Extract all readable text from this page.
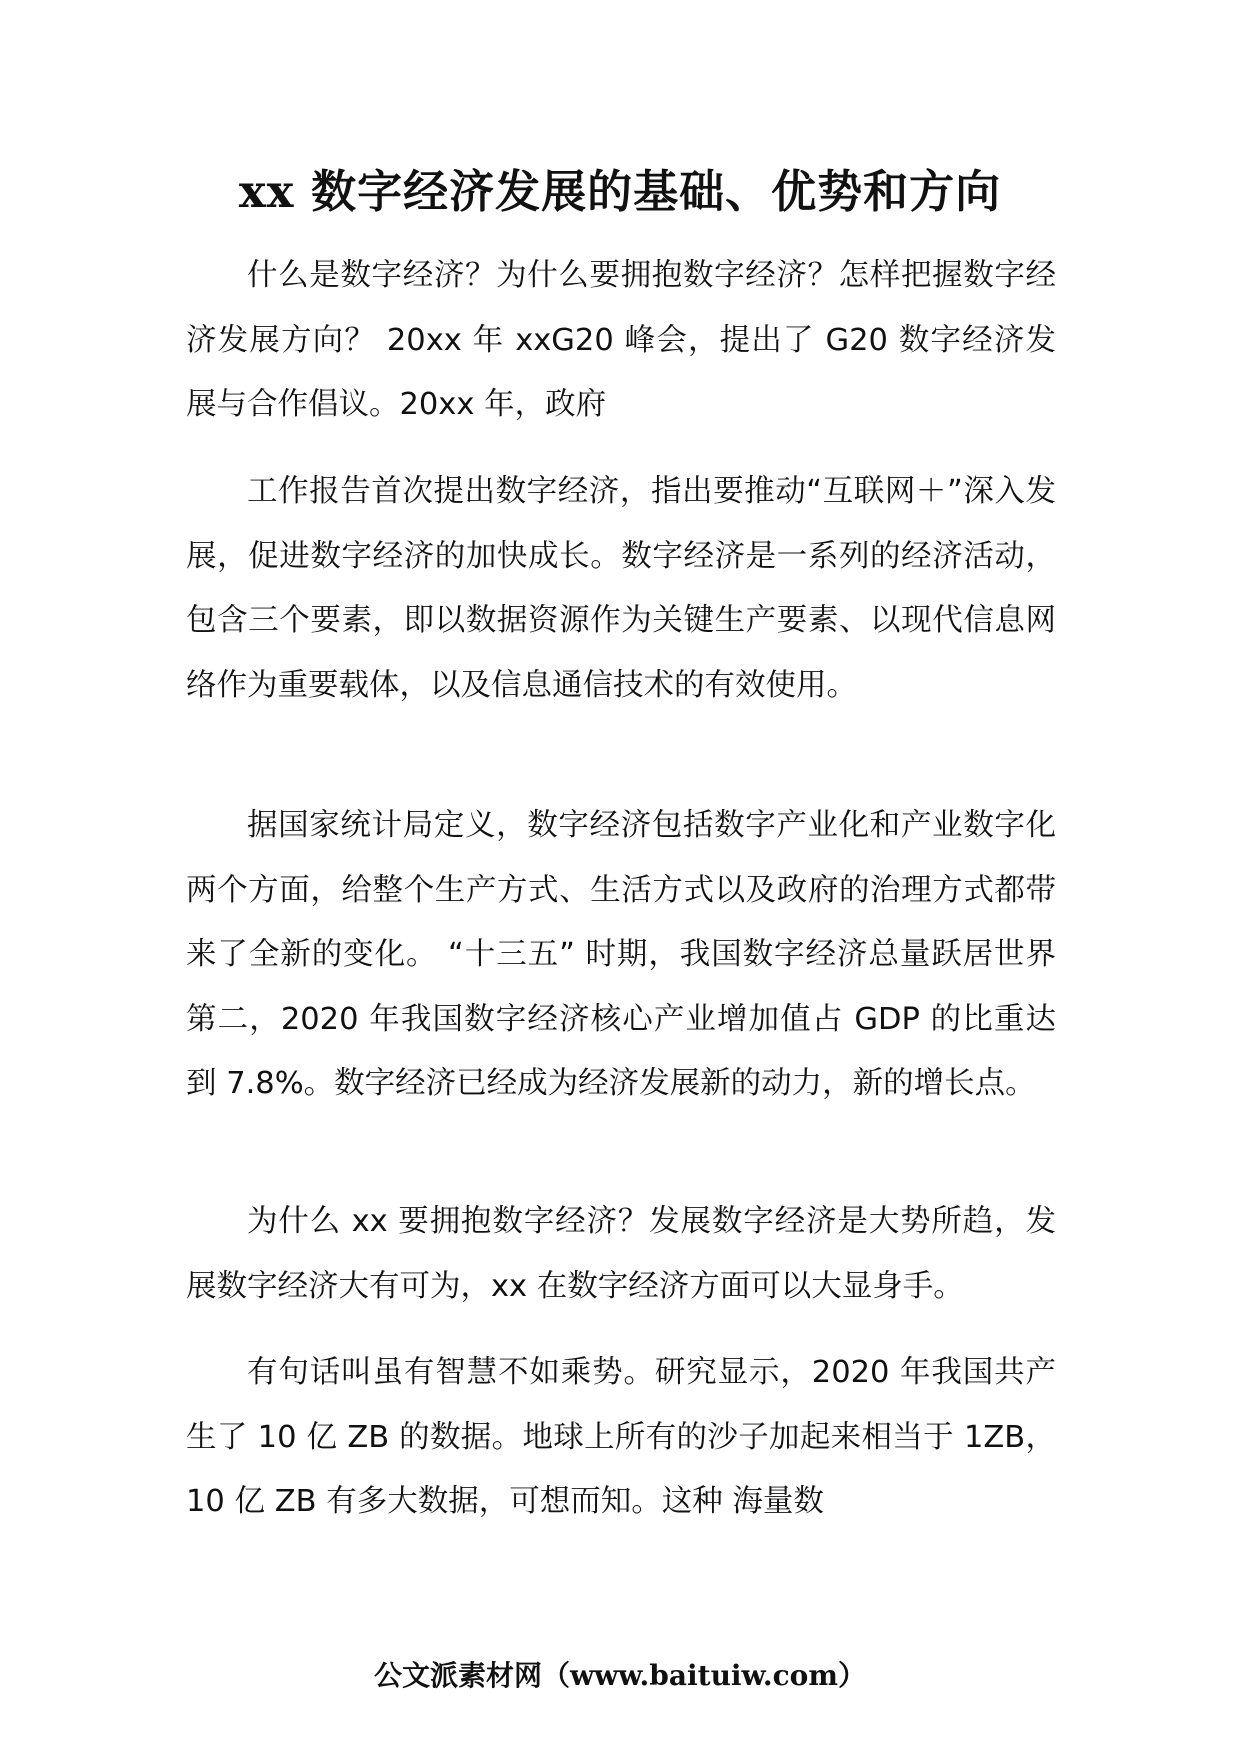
xx 数字经济发展的基础、优势和方向

什么是数字经济？为什么要拥抱数字经济？怎样把握数字经济发展方向？ 20xx 年 xxG20 峰会，提出了 G20 数字经济发展与合作倡议。20xx 年，政府

工作报告首次提出数字经济，指出要推动“互联网＋”深入发展，促进数字经济的加快成长。数字经济是一系列的经济活动，包含三个要素，即以数据资源作为关键生产要素、以现代信息网络作为重要载体，以及信息通信技术的有效使用。

据国家统计局定义，数字经济包括数字产业化和产业数字化两个方面，给整个生产方式、生活方式以及政府的治理方式都带来了全新的变化。 “十三五” 时期，我国数字经济总量跃居世界第二，2020 年我国数字经济核心产业增加值占 GDP 的比重达到 7.8%。数字经济已经成为经济发展新的动力，新的增长点。

为什么 xx 要拥抱数字经济？发展数字经济是大势所趋，发展数字经济大有可为，xx 在数字经济方面可以大显身手。

有句话叫虽有智慧不如乘势。研究显示，2020 年我国共产生了 10 亿 ZB 的数据。地球上所有的沙子加起来相当于 1ZB，10 亿 ZB 有多大数据，可想而知。这种 海量数

公文派素材网（www.baituiw.com）
